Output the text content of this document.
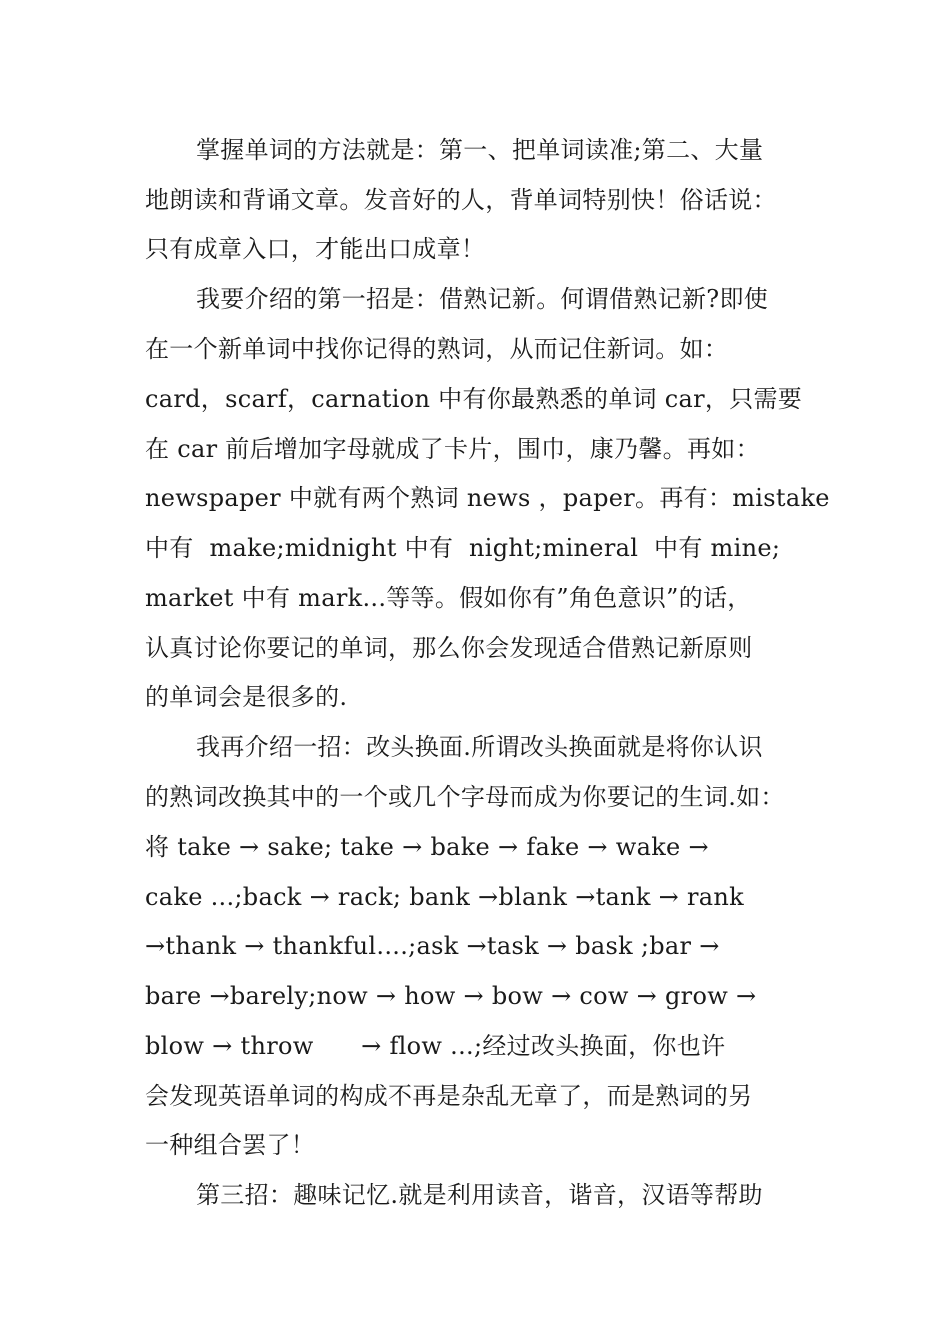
掌握单词的方法就是：第一、把单词读准;第二、大量
地朗读和背诵文章。发音好的人，背单词特别快！俗话说：
只有成章入口，才能出口成章！
我要介绍的第一招是：借熟记新。何谓借熟记新?即使
在一个新单词中找你记得的熟词，从而记住新词。如：
card，scarf，carnation 中有你最熟悉的单词 car，只需要
在 car 前后增加字母就成了卡片，围巾，康乃馨。再如：
newspaper 中就有两个熟词 news ，paper。再有：mistake
中有  make;midnight 中有  night;mineral  中有 mine;
market 中有 mark...等等。假如你有”角色意识”的话，
认真讨论你要记的单词，那么你会发现适合借熟记新原则
的单词会是很多的.
我再介绍一招：改头换面.所谓改头换面就是将你认识
的熟词改换其中的一个或几个字母而成为你要记的生词.如：
将 take → sake; take → bake → fake → wake →
cake ...;back → rack; bank →blank →tank → rank
→thank → thankful....;ask →task → bask ;bar →
bare →barely;now → how → bow → cow → grow →
blow → throw      → flow ...;经过改头换面，你也许
会发现英语单词的构成不再是杂乱无章了，而是熟词的另
一种组合罢了！
第三招：趣味记忆.就是利用读音，谐音，汉语等帮助
